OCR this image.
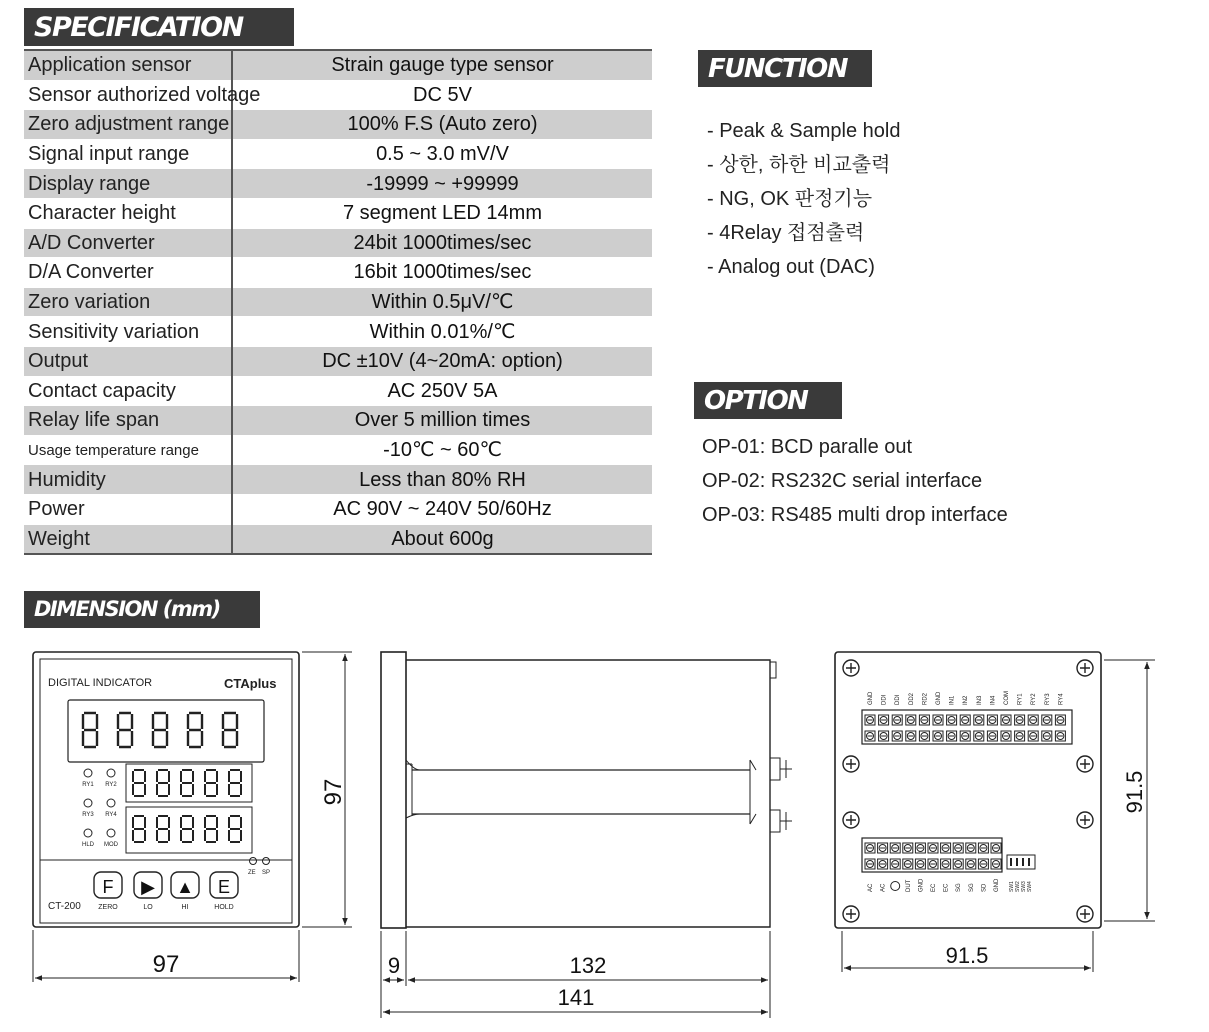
SPECIFICATION
FUNCTION
OPTION
DIMENSION (mm)
Application sensor	Strain gauge type sensor
Sensor authorized voltage	DC 5V
Zero adjustment range	100% F.S (Auto zero)
Signal input range	0.5 ~ 3.0 mV/V
Display range	-19999 ~ +99999
Character height	7 segment LED 14mm
A/D Converter	24bit 1000times/sec
D/A Converter	16bit 1000times/sec
Zero variation	Within 0.5μV/℃
Sensitivity variation	Within 0.01%/℃
Output	DC ±10V (4~20mA: option)
Contact capacity	AC 250V 5A
Relay life span	Over 5 million times
Usage temperature range	-10℃ ~ 60℃
Humidity	Less than 80% RH
Power	AC 90V ~ 240V 50/60Hz
Weight	About 600g
- Peak & Sample hold
- 상한, 하한 비교출력
- NG, OK 판정기능
- 4Relay 접점출력
- Analog out (DAC)
OP-01: BCD paralle out
OP-02: RS232C serial interface
OP-03: RS485 multi drop interface
DIGITAL INDICATOR	CTAplus
RY1 RY2
RY3 RY4
HLD MOD
ZE SP
F
ZERO
▶
LO
▲
HI
E
HOLD
CT-200
97
97
9	132
141
GND DDI DDI DD2 RD2 GND IN1 IN2 IN3 IN4 COM RY1 RY2 RY3 RY4
AC AC	DUT GND EC EC SG SG SD GND SW1 SW2 SW3 SW4
91.5
91.5
